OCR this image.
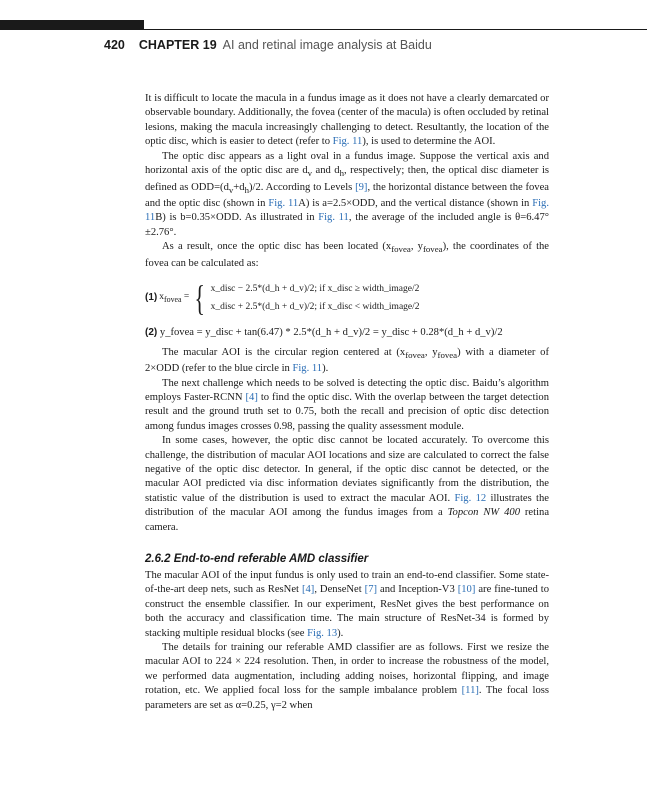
420 CHAPTER 19 AI and retinal image analysis at Baidu

It is difficult to locate the macula in a fundus image as it does not have a clearly demarcated or observable boundary. Additionally, the fovea (center of the macula) is often occluded by retinal lesions, making the macula increasingly challenging to detect. Resultantly, the location of the optic disc, which is easier to detect (refer to Fig. 11), is used to determine the AOI.

The optic disc appears as a light oval in a fundus image. Suppose the vertical axis and horizontal axis of the optic disc are $d_v$ and $d_h$, respectively; then, the optical disc diameter is defined as $ODD=(d_v+d_h)/2$. According to Levels [9], the horizontal distance between the fovea and the optic disc (shown in Fig. 11A) is a=2.5×ODD, and the vertical distance (shown in Fig. 11B) is b=0.35×ODD. As illustrated in Fig. 11, the average of the included angle is θ=6.47°±2.76°.

As a result, once the optic disc has been located ($x_{fovea}$, $y_{fovea}$), the coordinates of the fovea can be calculated as:

(1) $x_{fovea}$ = { x_disc − 2.5*(d_h + d_v)/2; if x_disc ≥ width_image/2
x_disc + 2.5*(d_h + d_v)/2; if x_disc < width_image/2
(2) y_fovea = y_disc + tan(6.47) * 2.5*(d_h + d_v)/2 = y_disc + 0.28*(d_h + d_v)/2

The macular AOI is the circular region centered at ($x_{fovea}$, $y_{fovea}$) with a diameter of 2×ODD (refer to the blue circle in Fig. 11).

The next challenge which needs to be solved is detecting the optic disc. Baidu’s algorithm employs Faster-RCNN [4] to find the optic disc. With the overlap between the target detection result and the ground truth set to 0.75, both the recall and precision of optic disc detection among fundus images crosses 0.98, passing the quality assessment module.

In some cases, however, the optic disc cannot be located accurately. To overcome this challenge, the distribution of macular AOI locations and size are calculated to correct the false negative of the optic disc detector. In general, if the optic disc cannot be detected, or the macular AOI predicted via disc information deviates significantly from the distribution, the statistic value of the distribution is used to extract the macular AOI. Fig. 12 illustrates the distribution of the macular AOI among the fundus images from a Topcon NW 400 retina camera.

2.6.2 End-to-end referable AMD classifier

The macular AOI of the input fundus is only used to train an end-to-end classifier. Some state-of-the-art deep nets, such as ResNet [4], DenseNet [7] and Inception-V3 [10] are fine-tuned to construct the ensemble classifier. In our experiment, ResNet gives the best performance on both the accuracy and classification time. The main structure of ResNet-34 is formed by stacking multiple residual blocks (see Fig. 13).

The details for training our referable AMD classifier are as follows. First we resize the macular AOI to 224 × 224 resolution. Then, in order to increase the robustness of the model, we performed data augmentation, including adding noises, horizontal flipping, and image rotation, etc. We applied focal loss for the sample imbalance problem [11]. The focal loss parameters are set as α=0.25, γ=2 when
